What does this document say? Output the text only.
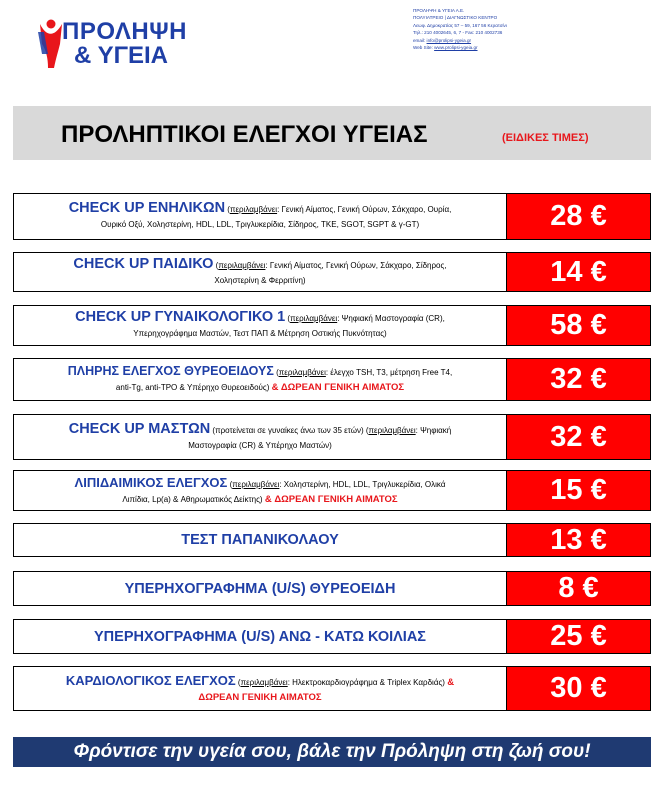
ΠΡΟΛΗΨΗ
& ΥΓΕΙΑ
ΠΡΟΛΗΨΗ & ΥΓΕΙΑ Α.Ε.
ΠΟΛΥΙΑΤΡΕΙΟ | ΔΙΑΓΝΩΣΤΙΚΟ ΚΕΝΤΡΟ
Λεωφ. Δημοκρατίας 57 – 59, 167 56 Κερατσίνι
Τηλ.: 210 4002645, 6, 7 - Fax: 210 4002736
email: info@prolipsi-ygeia.gr
Web Site: www.prolipsi-ygeia.gr
ΠΡΟΛΗΠΤΙΚΟΙ ΕΛΕΓΧΟΙ ΥΓΕΙΑΣ	(ΕΙΔΙΚΕΣ ΤΙΜΕΣ)
CHECK UP ΕΝΗΛΙΚΩΝ (περιλαμβάνει: Γενική Αίματος, Γενική Ούρων, Σάκχαρο, Ουρία,
Ουρικό Οξύ, Χοληστερίνη, HDL, LDL, Τριγλυκερίδια, Σίδηρος, TKE, SGOT, SGPT & γ-GT)	28 €
CHECK UP ΠΑΙΔΙΚΟ (περιλαμβάνει: Γενική Αίματος, Γενική Ούρων, Σάκχαρο, Σίδηρος,
Χοληστερίνη & Φερριτίνη)	14 €
CHECK UP ΓΥΝΑΙΚΟΛΟΓΙΚΟ 1 (περιλαμβάνει: Ψηφιακή Μαστογραφία (CR),
Υπερηχογράφημα Μαστών, Τεστ ΠΑΠ & Μέτρηση Οστικής Πυκνότητας)	58 €
ΠΛΗΡΗΣ ΕΛΕΓΧΟΣ ΘΥΡΕΟΕΙΔΟΥΣ (περιλαμβάνει: έλεγχο TSH, T3, μέτρηση Free T4,
anti-Tg, anti-TPO & Υπέρηχο Θυρεοειδούς) & ΔΩΡΕΑΝ ΓΕΝΙΚΗ ΑΙΜΑΤΟΣ	32 €
CHECK UP ΜΑΣΤΩΝ (προτείνεται σε γυναίκες άνω των 35 ετών) (περιλαμβάνει: Ψηφιακή
Μαστογραφία (CR) & Υπέρηχο Μαστών)	32 €
ΛΙΠΙΔΑΙΜΙΚΟΣ ΕΛΕΓΧΟΣ (περιλαμβάνει: Χοληστερίνη, HDL, LDL, Τριγλυκερίδια, Ολικά
Λιπίδια, Lp(a) & Αθηρωματικός Δείκτης) & ΔΩΡΕΑΝ ΓΕΝΙΚΗ ΑΙΜΑΤΟΣ	15 €
ΤΕΣΤ ΠΑΠΑΝΙΚΟΛΑΟΥ	13 €
ΥΠΕΡΗΧΟΓΡΑΦΗΜΑ (U/S) ΘΥΡΕΟΕΙΔΗ	8 €
ΥΠΕΡΗΧΟΓΡΑΦΗΜΑ (U/S) ΑΝΩ - ΚΑΤΩ ΚΟΙΛΙΑΣ	25 €
ΚΑΡΔΙΟΛΟΓΙΚΟΣ ΕΛΕΓΧΟΣ (περιλαμβάνει: Ηλεκτροκαρδιογράφημα & Triplex Καρδιάς) &
ΔΩΡΕΑΝ ΓΕΝΙΚΗ ΑΙΜΑΤΟΣ	30 €
Φρόντισε την υγεία σου, βάλε την Πρόληψη στη ζωή σου!
